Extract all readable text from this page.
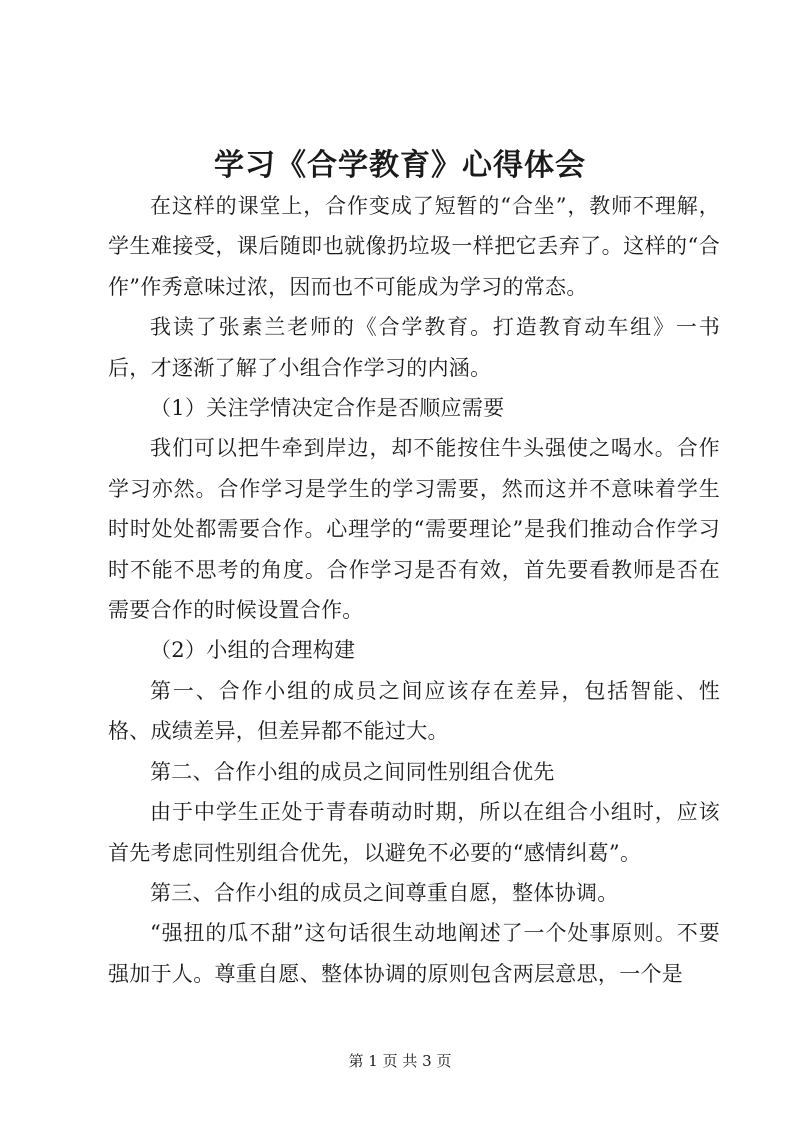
学习《合学教育》心得体会

在这样的课堂上，合作变成了短暂的“合坐”，教师不理解，学生难接受，课后随即也就像扔垃圾一样把它丢弃了。这样的“合作”作秀意味过浓，因而也不可能成为学习的常态。

我读了张素兰老师的《合学教育。打造教育动车组》一书后，才逐渐了解了小组合作学习的内涵。

（1）关注学情决定合作是否顺应需要

我们可以把牛牵到岸边，却不能按住牛头强使之喝水。合作学习亦然。合作学习是学生的学习需要，然而这并不意味着学生时时处处都需要合作。心理学的“需要理论”是我们推动合作学习时不能不思考的角度。合作学习是否有效，首先要看教师是否在需要合作的时候设置合作。

（2）小组的合理构建

第一、合作小组的成员之间应该存在差异，包括智能、性格、成绩差异，但差异都不能过大。

第二、合作小组的成员之间同性别组合优先

由于中学生正处于青春萌动时期，所以在组合小组时，应该首先考虑同性别组合优先，以避免不必要的“感情纠葛”。

第三、合作小组的成员之间尊重自愿，整体协调。

“强扭的瓜不甜”这句话很生动地阐述了一个处事原则。不要强加于人。尊重自愿、整体协调的原则包含两层意思，一个是

第 1 页 共 3 页
